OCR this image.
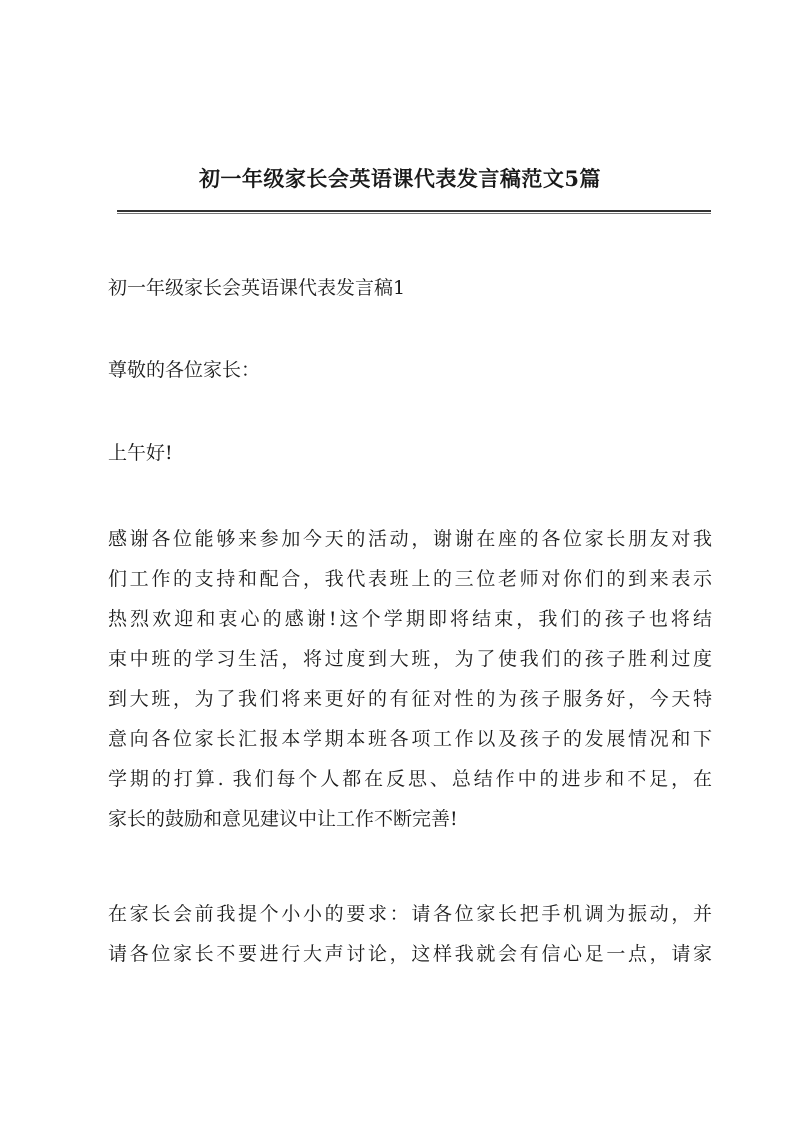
初一年级家长会英语课代表发言稿范文5篇

初一年级家长会英语课代表发言稿1

尊敬的各位家长：

上午好!

感谢各位能够来参加今天的活动，谢谢在座的各位家长朋友对我
们工作的支持和配合，我代表班上的三位老师对你们的到来表示
热烈欢迎和衷心的感谢!这个学期即将结束，我们的孩子也将结
束中班的学习生活，将过度到大班，为了使我们的孩子胜利过度
到大班，为了我们将来更好的有征对性的为孩子服务好，今天特
意向各位家长汇报本学期本班各项工作以及孩子的发展情况和下
学期的打算. 我们每个人都在反思、总结作中的进步和不足，在
家长的鼓励和意见建议中让工作不断完善!

在家长会前我提个小小的要求：请各位家长把手机调为振动，并
请各位家长不要进行大声讨论，这样我就会有信心足一点，请家
